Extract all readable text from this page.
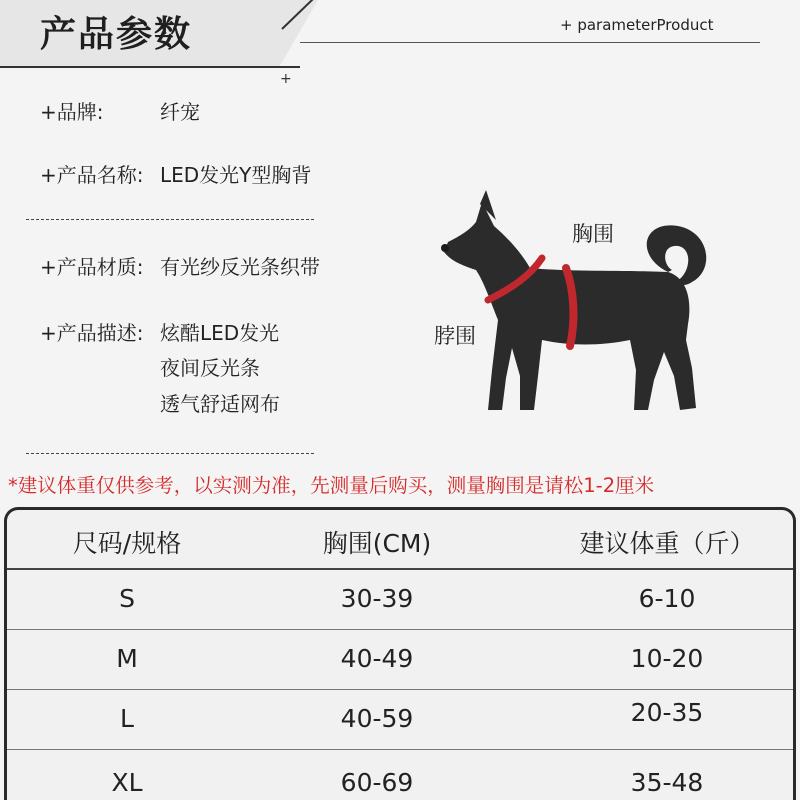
产品参数	+ parameterProduct
+
+品牌:	纤宠
+产品名称: LED发光Y型胸背
+产品材质: 有光纱反光条织带
+产品描述: 炫酷LED发光
夜间反光条
透气舒适网布
胸围
脖围
*建议体重仅供参考，以实测为准，先测量后购买，测量胸围是请松1-2厘米
尺码/规格	胸围(CM)	建议体重（斤）
S	30-39	6-10
M	40-49	10-20
L	40-59	20-35
XL	60-69	35-48
